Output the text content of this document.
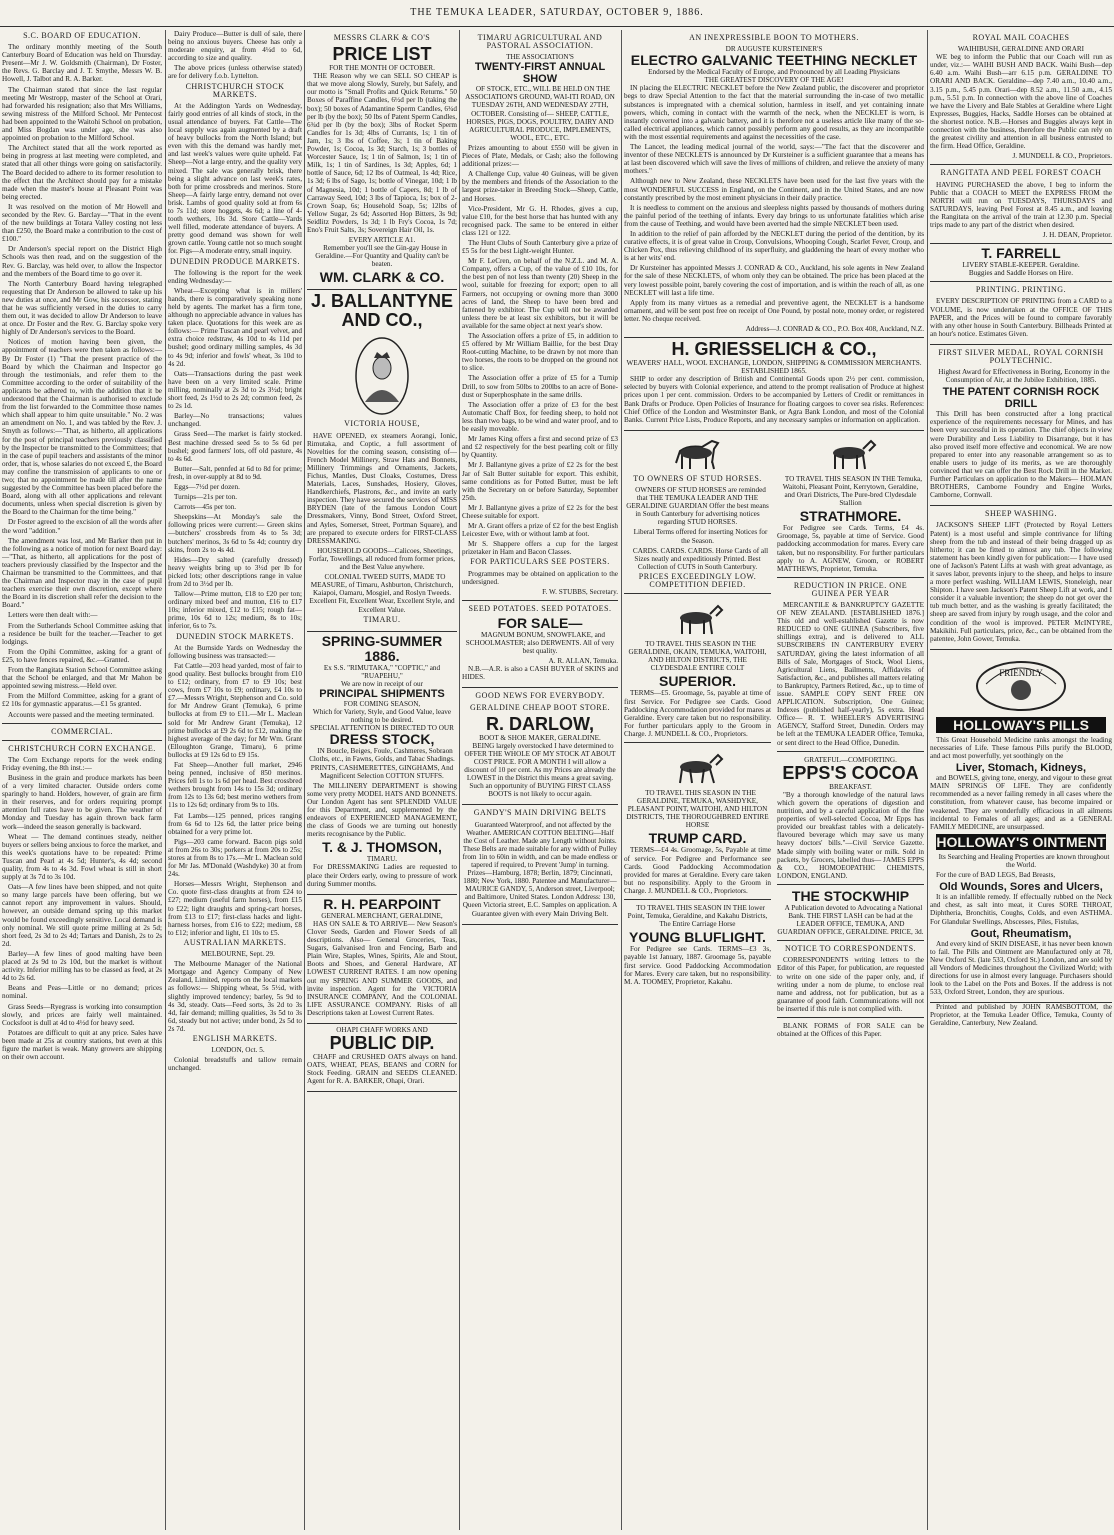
THE TEMUKA LEADER, SATURDAY, OCTOBER 9, 1886.
S.C. BOARD OF EDUCATION.

The ordinary monthly meeting of the South Canterbury Board of Education was held on Thursday. Present—Mr J. W. Goldsmith (Chairman), Dr Foster, the Revs. G. Barclay and J. T. Smythe, Messrs W. B. Howell, J. Talbot and R. A. Barker.

The Chairman stated that since the last regular meeting Mr Westropp, master of the School at Orari, had forwarded his resignation; also that Mrs Williams, sewing mistress of the Milford School. Mr Pentecost had been appointed to the Waitohi School on probation, and Miss Bogdan was under age, she was also appointed on probation to the Milford School.

The Architect stated that all the work reported as being in progress at last meeting were completed, and stated that all other things were going on satisfactorily. The Board decided to adhere to its former resolution to the effect that the Architect should pay for a mistake made when the master's house at Pleasant Point was being erected.

It was resolved on the motion of Mr Howell and seconded by the Rev. G. Barclay—"That in the event of the new buildings at Totara Valley costing not less than £250, the Board make a contribution to the cost of £100."

Dr Anderson's special report on the District High Schools was then read, and on the suggestion of the Rev. G. Barclay, was held over, to allow the Inspector and the members of the Board time to go over it.

The North Canterbury Board having telegraphed requesting that Dr Anderson be allowed to take up his new duties at once, and Mr Gow, his successor, stating that he was sufficiently versed in the duties to carry them out, it was decided to allow Dr Anderson to leave at once. Dr Foster and the Rev. G. Barclay spoke very highly of Dr Anderson's services to the Board.

Notices of motion having been given, the appointment of teachers were then taken as follows:—By Dr Foster (1) "That the present practice of the Board by which the Chairman and Inspector go through the testimonials, and refer them to the Committee according to the order of suitability of the applicants be adhered to, with the addition that it be understood that the Chairman is authorised to exclude from the list forwarded to the Committee those names which shall appear to him quite unsuitable." No. 2 was an amendment on No. 1, and was tabled by the Rev. J. Smyth as follows:—"That, as hitherto, all applications for the post of principal teachers previously classified by the Inspector be transmitted to the Committees; that in the case of pupil teachers and assistants of the minor order, that is, whose salaries do not exceed £, the Board may confine the transmission of applicants to one or two; that no appointment be made till after the name suggested by the Committee has been placed before the Board, along with all other applications and relevant documents, unless when special discretion is given by the Board to the Chairman for the time being."

Dr Foster agreed to the excision of all the words after the word "addition."

The amendment was lost, and Mr Barker then put in the following as a notice of motion for next Board day:—"That, as hitherto, all applications for the post of teachers previously classified by the Inspector and the Chairman be transmitted to the Committees, and that the Chairman and Inspector may in the case of pupil teachers exercise their own discretion, except where the Board in its discretion shall refer the decision to the Board."

Letters were then dealt with:—

From the Sutherlands School Committee asking that a residence be built for the teacher.—Teacher to get lodgings.

From the Opihi Committee, asking for a grant of £25, to have fences repaired, &c.—Granted.

From the Rangitata Station School Committee asking that the School be enlarged, and that Mr Mahon be appointed sewing mistress.—Held over.

From the Milford Committee, asking for a grant of £2 10s for gymnastic apparatus.—£1 5s granted.

Accounts were passed and the meeting terminated.

COMMERCIAL.
CHRISTCHURCH CORN EXCHANGE.

The Corn Exchange reports for the week ending Friday evening, the 8th inst.:—

Business in the grain and produce markets has been of a very limited character. Outside orders come sparingly to hand. Holders, however, of grain are firm in their reserves, and for orders requiring prompt attention full rates have to be given. The weather of Monday and Tuesday has again thrown back farm work—indeed the season generally is backward.

Wheat — The demand continues steady, neither buyers or sellers being anxious to force the market, and this week's quotations have to be repeated: Prime Tuscan and Pearl at 4s 5d; Hunter's, 4s 4d; second quality, from 4s to 4s 3d. Fowl wheat is still in short supply at 3s 7d to 3s 10d.

Oats—A few lines have been shipped, and not quite so many large parcels have been offering, but we cannot report any improvement in values. Should, however, an outside demand spring up this market would be found exceedingly sensitive. Local demand is only nominal. We still quote prime milling at 2s 5d; short feed, 2s 3d to 2s 4d; Tartars and Danish, 2s to 2s 2d.

Barley—A few lines of good malting have been placed at 2s 9d to 2s 10d, but the market is without activity. Inferior milling has to be classed as feed, at 2s 4d to 2s 6d.

Beans and Peas—Little or no demand; prices nominal.

Grass Seeds—Ryegrass is working into consumption slowly, and prices are fairly well maintained. Cocksfoot is dull at 4d to 4½d for heavy seed.

Potatoes are difficult to quit at any price. Sales have been made at 25s at country stations, but even at this figure the market is weak. Many growers are shipping on their own account.

Dairy Produce—Butter is dull of sale, there being no anxious buyers. Cheese has only a moderate enquiry, at from 4¼d to 6d, according to size and quality.

The above prices (unless otherwise stated) are for delivery f.o.b. Lyttelton.

CHRISTCHURCH STOCK MARKETS.

At the Addington Yards on Wednesday, fairly good entries of all kinds of stock, in the usual attendance of buyers. Fat Cattle—The local supply was again augmented by a draft of heavy bullocks from the North Island; but even with this the demand was hardly met, and last week's values were quite upheld. Fat Sheep—Not a large entry, and the quality very mixed. The sale was generally brisk, there being a slight advance on last week's rates, both for prime crossbreds and merinos. Store Sheep—A fairly large entry, demand not over brisk. Lambs of good quality sold at from 6s to 7s 11d; store hoggets, 4s 6d; a line of 4-tooth wethers, 10s 3d. Store Cattle—Yards well filled, moderate attendance of buyers. A pretty good demand was shown for well grown cattle. Young cattle not so much sought for. Pigs—A moderate entry, small inquiry.

DUNEDIN PRODUCE MARKETS.

The following is the report for the week ending Wednesday:—

Wheat—Excepting what is in millers' hands, there is comparatively speaking none held by agents. The market has a firm tone, although no appreciable advance in values has taken place. Quotations for this week are as follows:— Prime Tuscan and pearl velvet, and extra choice redstraw, 4s 10d to 4s 11d per bushel; good ordinary milling samples, 4s 3d to 4s 9d; inferior and fowls' wheat, 3s 10d to 4s 2d.

Oats—Transactions during the past week have been on a very limited scale. Prime milling, nominally at 2s 3d to 2s 3½d; bright short feed, 2s 1½d to 2s 2d; common feed, 2s to 2s 1d.

Barley—No transactions; values unchanged.

Grass Seed—The market is fairly stocked. Best machine dressed seed 5s to 5s 6d per bushel; good farmers' lots, off old pasture, 4s to 4s 6d.

Butter—Salt, pennfed at 6d to 8d for prime; fresh, in over-supply at 8d to 9d.

Eggs—7½d per dozen.

Turnips—21s per ton.

Carrots—45s per ton.

Sheepskins—At Monday's sale the following prices were current:— Green skins—butchers' crossbreds from 4s to 5s 3d; butchers' merinos, 3s 6d to 5s 4d; country dry skins, from 2s to 4s 4d.

Hides—Dry salted (carefully dressed) heavy weights bring up to 3½d per lb for picked lots; other descriptions range in value from 2d to 3½d per lb.

Tallow—Prime mutton, £18 to £20 per ton; ordinary mixed beef and mutton, £16 to £17 10s; inferior mixed, £12 to £15; rough fat—prime, 10s 6d to 12s; medium, 8s to 10s; inferior, 6s to 7s.

DUNEDIN STOCK MARKETS.

At the Burnside Yards on Wednesday the following business was transacted:—

Fat Cattle—203 head yarded, most of fair to good quality. Best bullocks brought from £10 to £12; ordinary, from £7 to £9 10s; best cows, from £7 10s to £9; ordinary, £4 10s to £7.—Messrs Wright, Stephenson and Co. sold for Mr Andrew Grant (Temuka), 6 prime bullocks at from £9 to £11.—Mr L. Maclean sold for Mr Andrew Grant (Temuka), 12 prime bullocks at £9 2s 6d to £12, making the highest average of the day; for Mr Wm. Grant (Elloughton Grange, Timaru), 6 prime bullocks at £9 12s 6d to £9 15s.

Fat Sheep—Another full market, 2946 being penned, inclusive of 850 merinos. Prices fell 1s to 1s 6d per head. Best crossbred wethers brought from 14s to 15s 3d; ordinary from 12s to 13s 6d; best merino wethers from 11s to 12s 6d; ordinary from 9s to 10s.

Fat Lambs—125 penned, prices ranging from 6s 6d to 12s 6d, the latter price being obtained for a very prime lot.

Pigs—203 came forward. Bacon pigs sold at from 26s to 30s; porkers at from 20s to 25s; stores at from 8s to 17s.—Mr L. Maclean sold for Mr Jas. M'Donald (Washdyke) 30 at from 24s.

Horses—Messrs Wright, Stephenson and Co. quote first-class draughts at from £24 to £27; medium (useful farm horses), from £15 to £22; light draughts and spring-cart horses, from £13 to £17; first-class hacks and light-harness horses, from £16 to £22; medium, £8 to £12; inferior and light, £1 10s to £5.

AUSTRALIAN MARKETS.

MELBOURNE, Sept. 29.

The Melbourne Manager of the National Mortgage and Agency Company of New Zealand, Limited, reports on the local markets as follows:— Shipping wheat, 5s 5½d, with slightly improved tendency; barley, 5s 9d to 4s 3d, steady. Oats—Feed sorts, 3s 2d to 3s 4d, fair demand; milling qualities, 3s 5d to 3s 6d, steady but not active; under bond, 2s 5d to 2s 7d.

ENGLISH MARKETS.

LONDON, Oct. 5.

Colonial breadstuffs and tallow remain unchanged.

MESSRS CLARK & CO'S
PRICE LIST
FOR THE MONTH OF OCTOBER.

THE Reason why we can SELL SO CHEAP is that we move along Slowly, Surely, but Safely, and our motto is "Small Profits and Quick Returns." 50 Boxes of Paraffine Candles, 6½d per lb (taking the box); 50 boxes of Adamantine Sperm Candles, 6¾d per lb (by the box); 50 lbs of Patent Sperm Candles, 6¾d per lb (by the box); 3lbs of Rocket Sperm Candles for 1s 3d; 4lbs of Currants, 1s; 1 tin of Jam, 1s; 3 lbs of Coffee, 3s; 1 tin of Baking Powder, 1s; Cocoa, 1s 3d; Starch, 1s; 3 bottles of Worcester Sauce, 1s; 1 tin of Salmon, 1s; 1 tin of Milk, 1s; 1 tin of Sardines, 1s 3d; Apples, 6d; 1 bottle of Sauce, 6d; 12 lbs of Oatmeal, 1s 4d; Rice, 1s 3d; 6 lbs of Sago, 1s; bottle of Vinegar, 10d; 1 lb of Magnesia, 10d; 1 bottle of Capers, 8d; 1 lb of Carraway Seed, 10d; 3 lbs of Tapioca, 1s; box of 2-Crown Soap, 6s; Household Soap, 5s; 12lbs of Yellow Sugar, 2s 6d; Assorted Hop Bitters, 3s 9d; Seidlitz Powders, 1s 3d; 1 lb Fry's Cocoa, 1s 7d; Eno's Fruit Salts, 3s; Sovereign Hair Oil, 1s.

EVERY ARTICLE A1.

Remember you'll see the Gin-gay House in Geraldine.—For Quantity and Quality can't be beaten.

WM. CLARK & CO.
J. BALLANTYNE AND CO.,
VICTORIA HOUSE,

HAVE OPENED, ex steamers Aorangi, Ionic, Rimutaka, and Coptic, a full assortment of Novelties for the coming season, consisting of—French Model Millinery, Straw Hats and Bonnets, Millinery Trimmings and Ornaments, Jackets, Fichus, Mantles, Dust Cloaks, Costumes, Dress Materials, Laces, Sunshades, Hosiery, Gloves, Handkerchiefs, Plastrons, &c., and invite an early inspection. They have secured the services of MISS BRYDEN (late of the famous London Court Dressmakers, Vinny, Bond Street, Oxford Street, and Ayles, Somerset, Street, Portman Square), and are prepared to execute orders for FIRST-CLASS DRESSMAKING.

HOUSEHOLD GOODS—Calicoes, Sheetings, Forfar, Towellings, all reduced from former prices, and the Best Value anywhere.

COLONIAL TWEED SUITS, MADE TO MEASURE, of Timaru, Ashburton, Christchurch, Kaiapoi, Oamaru, Mosgiel, and Roslyn Tweeds. Excellent Fit, Excellent Wear, Excellent Style, and Excellent Value.

TIMARU.
SPRING-SUMMER 1886.
Ex S.S. "RIMUTAKA," "COPTIC," and "RUAPEHU,"
We are now in receipt of our
PRINCIPAL SHIPMENTS
FOR COMING SEASON,
Which for Variety, Style, and Good Value, leave nothing to be desired.
SPECIAL ATTENTION IS DIRECTED TO OUR
DRESS STOCK,

IN Boucle, Beiges, Foule, Cashmeres, Sobraon Cloths, etc., in Fawns, Golds, and Tabac Shadings. PRINTS, CASHMERETTES, GINGHAMS, And Magnificent Selection COTTON STUFFS.

The MILLINERY DEPARTMENT is showing some very pretty MODEL HATS AND BONNETS. Our London Agent has sent SPLENDID VALUE for this Department, and, supplemented by the endeavors of EXPERIENCED MANAGEMENT, the class of Goods we are turning out honestly merits recognisance by the Public.

T. & J. THOMSON,
TIMARU.

For DRESSMAKING Ladies are requested to place their Orders early, owing to pressure of work during Summer months.

R. H. PEARPOINT
GENERAL MERCHANT, GERALDINE,

HAS ON SALE & TO ARRIVE— New Season's Clover Seeds, Garden and Flower Seeds of all descriptions. Also— General Groceries, Teas, Sugars, Galvanised Iron and Fencing, Barb and Plain Wire, Staples, Wines, Spirits, Ale and Stout, Boots and Shoes, and General Hardware, AT LOWEST CURRENT RATES. I am now opening out my SPRING AND SUMMER GOODS, and invite inspection. Agent for the VICTORIA INSURANCE COMPANY, And the COLONIAL LIFE ASSURANCE COMPANY. Risks of all Descriptions taken at Lowest Current Rates.

OHAPI CHAFF WORKS AND
PUBLIC DIP.

CHAFF and CRUSHED OATS always on hand. OATS, WHEAT, PEAS, BEANS and CORN for Stock Feeding. GRAIN and SEEDS CLEANED. Agent for R. A. BARKER, Ohapi, Orari.

TIMARU AGRICULTURAL AND PASTORAL ASSOCIATION.
THE ASSOCIATION'S
TWENTY-FIRST ANNUAL SHOW

OF STOCK, ETC., WILL BE HELD ON THE ASSOCIATION'S GROUND, WAI-ITI ROAD, ON TUESDAY 26TH, AND WEDNESDAY 27TH, OCTOBER. Consisting of— SHEEP, CATTLE, HORSES, PIGS, DOGS, POULTRY, DAIRY AND AGRICULTURAL PRODUCE, IMPLEMENTS, WOOL, ETC., ETC.

Prizes amounting to about £550 will be given in Pieces of Plate, Medals, or Cash; also the following additional prizes:—

A Challenge Cup, value 40 Guineas, will be given by the members and friends of the Association to the largest prize-taker in Breeding Stock—Sheep, Cattle, and Horses.

Vice-President, Mr G. H. Rhodes, gives a cup, value £10, for the best horse that has hunted with any recognised pack. The same to be entered in either class 121 or 122.

The Hunt Clubs of South Canterbury give a prize of £5 5s for the best Light-weight Hunter.

Mr F. LeCren, on behalf of the N.Z.L. and M. A. Company, offers a Cup, of the value of £10 10s, for the best pen of not less than twenty (20) Sheep in the wool, suitable for freezing for export; open to all Farmers, not occupying or owning more than 3000 acres of land, the Sheep to have been bred and fattened by exhibitor. The Cup will not be awarded unless there be at least six exhibitors, but it will be available for the same object at next year's show.

The Association offers a prize of £5, in addition to £5 offered by Mr William Baillie, for the best Dray Root-cutting Machine, to be drawn by not more than two horses, the roots to be dropped on the ground not to slice.

The Association offer a prize of £5 for a Turnip Drill, to sow from 50lbs to 200lbs to an acre of Bone-dust or Superphosphate in the same drills.

The Association offer a prize of £3 for the best Automatic Chaff Box, for feeding sheep, to hold not less than two bags, to be wind and water proof, and to be easily moveable.

Mr James King offers a first and second prize of £3 and £2 respectively for the best pearling colt or filly by Quantity.

Mr J. Ballantyne gives a prize of £2 2s for the best Jar of Salt Butter suitable for export. This exhibit, same conditions as for Potted Butter, must be left with the Secretary on or before Saturday, September 25th.

Mr J. Ballantyne gives a prize of £2 2s for the best Cheese suitable for export.

Mr A. Grant offers a prize of £2 for the best English Leicester Ewe, with or without lamb at foot.

Mr S. Shappere offers a cup for the largest prizetaker in Ham and Bacon Classes.

FOR PARTICULARS SEE POSTERS.

Programmes may be obtained on application to the undersigned.

F. W. STUBBS, Secretary.
SEED POTATOES. SEED POTATOES.
FOR SALE—

MAGNUM BONUM, SNOWFLAKE, and SCHOOLMASTER; also DERWENTS. All of very best quality.

A. R. ALLAN, Temuka.

N.B.—A.R. is also a CASH BUYER of SKINS and HIDES.

GOOD NEWS FOR EVERYBODY.
GERALDINE CHEAP BOOT STORE.
R. DARLOW,
BOOT & SHOE MAKER, GERALDINE.

BEING largely overstocked I have determined to OFFER THE WHOLE OF MY STOCK AT ABOUT COST PRICE. FOR A MONTH I will allow a discount of 10 per cent. As my Prices are already the LOWEST in the District this means a great saving. Such an opportunity of BUYING FIRST CLASS BOOTS is not likely to occur again.

GANDY'S MAIN DRIVING BELTS

Guaranteed Waterproof, and not affected by the Weather. AMERICAN COTTON BELTING—Half the Cost of Leather. Made any Length without Joints. These Belts are made suitable for any width of Pulley from 1in to 60in in width, and can be made endless or tapered if required, to Prevent 'Jump' in turning. Prizes—Hamburg, 1878; Berlin, 1879; Cincinnati, 1880; New York, 1880. Patentee and Manufacturer— MAURICE GANDY, 5, Anderson street, Liverpool; and Baltimore, United States. London Address: 130, Queen Victoria street, E.C. Samples on application. A Guarantee given with every Main Driving Belt.

AN INEXPRESSIBLE BOON TO MOTHERS.
DR AUGUSTE KURSTEINER'S
ELECTRO GALVANIC TEETHING NECKLET
Endorsed by the Medical Faculty of Europe, and Pronounced by all Leading Physicians
THE GREATEST DISCOVERY OF THE AGE!

IN placing the ELECTRIC NECKLET before the New Zealand public, the discoverer and proprietor begs to draw Special Attention to the fact that the material surrounding the in-case of two metallic substances is impregnated with a chemical solution, harmless in itself, and yet containing innate powers, which, coming in contact with the warmth of the neck, when the NECKLET is worn, is instantly converted into a galvanic battery, and it is therefore not a useless article like many of the so-called electrical appliances, which cannot possibly perform any good results, as they are incompatible with the most essential requirements and against the necessities of the case.

The Lancet, the leading medical journal of the world, says:—"The fact that the discoverer and inventor of these NECKLETS is announced by Dr Kursteiner is a sufficient guarantee that a means has at last been discovered which will save the lives of millions of children, and relieve the anxiety of many mothers."

Although new to New Zealand, these NECKLETS have been used for the last five years with the most WONDERFUL SUCCESS in England, on the Continent, and in the United States, and are now constantly prescribed by the most eminent physicians in their daily practice.

It is needless to comment on the anxious and sleepless nights passed by thousands of mothers during the painful period of the teething of infants. Every day brings to us unfortunate fatalities which arise from the cause of Teething, and would have been averted had the simple NECKLET been used.

In addition to the relief of pain afforded by the NECKLET during the period of the dentition, by its curative effects, it is of great value in Croup, Convulsions, Whooping Cough, Scarlet Fever, Croup, and Chicken Pox, thus relieving childhood of its superfluity, and gladdening the heart of every mother who is at her wits' end.

Dr Kursteiner has appointed Messrs J. CONRAD & CO., Auckland, his sole agents in New Zealand for the sale of these NECKLETS, of whom only they can be obtained. The price has been placed at the very lowest possible point, barely covering the cost of importation, and is within the reach of all, as one NECKLET will last a life time.

Apply from its many virtues as a remedial and preventive agent, the NECKLET is a handsome ornament, and will be sent post free on receipt of One Pound, by postal note, money order, or registered letter. No cheque received.

Address—J. CONRAD & CO., P.O. Box 408, Auckland, N.Z.
H. GRIESSELICH & CO.,
WEAVERS' HALL, WOOL EXCHANGE, LONDON, SHIPPING & COMMISSION MERCHANTS. ESTABLISHED 1865.

SHIP to order any description of British and Continental Goods upon 2½ per cent. commission, selected by buyers with Colonial experience, and attend to the prompt realisation of Produce at highest prices upon 1 per cent. commission. Orders to be accompanied by Letters of Credit or remittances in Bank Drafts or Produce. Open Policies of Insurance for floating cargoes to cover sea risks. References: Chief Office of the London and Westminster Bank, or Agra Bank London, and most of the Colonial Banks. Current Price Lists, Produce Reports, and any necessary samples or information on application.

TO OWNERS OF STUD HORSES.

OWNERS OF STUD HORSES are reminded that THE TEMUKA LEADER AND THE GERALDINE GUARDIAN Offer the best means in South Canterbury for advertising notices regarding STUD HORSES.

Liberal Terms offered for inserting Notices for the Season.

CARDS. CARDS. CARDS. Horse Cards of all Sizes neatly and expeditiously Printed. Best Collection of CUTS in South Canterbury.

PRICES EXCEEDINGLY LOW. COMPETITION DEFIED.

TO TRAVEL THIS SEASON IN THE GERALDINE, OKAIN, TEMUKA, WAITOHI, AND HILTON DISTRICTS, THE CLYDESDALE ENTIRE COLT

SUPERIOR.

TERMS—£5. Groomage, 5s, payable at time of first Service. For Pedigree see Cards. Good Paddocking Accommodation provided for mares at Geraldine. Every care taken but no responsibility. For further particulars apply to the Groom in Charge. J. MUNDELL & CO., Proprietors.

TO TRAVEL THIS SEASON IN THE GERALDINE, TEMUKA, WASHDYKE, PLEASANT POINT, WAITOHI, AND HILTON DISTRICTS, THE THOROUGHBRED ENTIRE HORSE

TRUMP CARD.

TERMS—£4 4s. Groomage, 5s, Payable at time of service. For Pedigree and Performance see Cards. Good Paddocking Accommodation provided for mares at Geraldine. Every care taken but no responsibility. Apply to the Groom in Charge. J. MUNDELL & CO., Proprietors.

TO TRAVEL THIS SEASON IN THE lower Point, Temuka, Geraldine, and Kakahu Districts, The Entire Carriage Horse

YOUNG BLUFLIGHT.

For Pedigree see Cards. TERMS—£3 3s, payable 1st January, 1887. Groomage 5s, payable first service. Good Paddocking Accommodation for Mares. Every care taken, but no responsibility. M. A. TOOMEY, Proprietor, Kakahu.

TO TRAVEL THIS SEASON IN THE Temuka, Waitohi, Pleasant Point, Kerrytown, Geraldine, and Orari Districts, The Pure-bred Clydesdale Stallion

STRATHMORE.

For Pedigree see Cards. Terms, £4 4s. Groomage, 5s, payable at time of Service. Good paddocking accommodation for mares. Every care taken, but no responsibility. For further particulars apply to A. AGNEW, Groom, or ROBERT MATTHEWS, Proprietor, Temuka.

REDUCTION IN PRICE. ONE GUINEA PER YEAR

MERCANTILE & BANKRUPTCY GAZETTE OF NEW ZEALAND. [ESTABLISHED 1876.] This old and well-established Gazette is now REDUCED to ONE GUINEA (Subscribers, five shillings extra), and is delivered to ALL SUBSCRIBERS IN CANTERBURY EVERY SATURDAY, giving the latest information of all Bills of Sale, Mortgages of Stock, Wool Liens, Agricultural Liens, Bailments, Affidavits of Satisfaction, &c., and publishes all matters relating to Bankruptcy, Partners Retired, &c., up to time of issue. SAMPLE COPY SENT FREE ON APPLICATION. Subscription, One Guinea; Indexes (published half-yearly), 5s extra. Head Office— R. T. WHEELER'S ADVERTISING AGENCY, Stafford Street, Dunedin. Orders may be left at the TEMUKA LEADER Office, Temuka, or sent direct to the Head Office, Dunedin.

GRATEFUL—COMFORTING.
EPPS'S COCOA
BREAKFAST.

"By a thorough knowledge of the natural laws which govern the operations of digestion and nutrition, and by a careful application of the fine properties of well-selected Cocoa, Mr Epps has provided our breakfast tables with a delicately-flavoured beverage which may save us many heavy doctors' bills."—Civil Service Gazette. Made simply with boiling water or milk. Sold in packets, by Grocers, labelled thus— JAMES EPPS & CO., HOMOEOPATHIC CHEMISTS, LONDON, ENGLAND.

THE STOCKWHIP

A Publication devoted to Advocating a National Bank. THE FIRST LASH can be had at the LEADER OFFICE, TEMUKA, AND GUARDIAN OFFICE, GERALDINE. PRICE, 3d.

NOTICE TO CORRESPONDENTS.

CORRESPONDENTS writing letters to the Editor of this Paper, for publication, are requested to write on one side of the paper only, and, if writing under a nom de plume, to enclose real name and address, not for publication, but as a guarantee of good faith. Communications will not be inserted if this rule is not complied with.

BLANK FORMS of FOR SALE can be obtained at the Offices of this Paper.

ROYAL MAIL COACHES
WAIHIBUSH, GERALDINE AND ORARI

WE beg to inform the Public that our Coach will run as under, viz.:— WAIHI BUSH AND BACK. Waihi Bush—dep 6.40 a.m. Waihi Bush—arr 6.15 p.m. GERALDINE TO ORARI AND BACK. Geraldine—dep 7.40 a.m., 10.40 a.m., 3.15 p.m., 5.45 p.m. Orari—dep 8.52 a.m., 11.50 a.m., 4.15 p.m., 5.51 p.m. In connection with the above line of Coaches we have the Livery and Bale Stables at Geraldine where Light Expresses, Buggies, Hacks, Saddle Horses can be obtained at the shortest notice. N.B.—Horses and Buggies always kept in connection with the business, therefore the Public can rely on the greatest civility and attention in all business entrusted to the firm. Head Office, Geraldine.

J. MUNDELL & CO., Proprietors.
RANGITATA AND PEEL FOREST COACH

HAVING PURCHASED the above, I beg to inform the Public that a COACH to MEET the EXPRESS FROM the NORTH will run on TUESDAYS, THURSDAYS and SATURDAYS, leaving Peel Forest at 8.45 a.m., and leaving the Rangitata on the arrival of the train at 12.30 p.m. Special trips made to any part of the district when desired.

J. H. DEAN, Proprietor.
T. FARRELL
LIVERY STABLE-KEEPER. Geraldine.
Buggies and Saddle Horses on Hire.
PRINTING. PRINTING.

EVERY DESCRIPTION OF PRINTING from a CARD to a VOLUME, is now undertaken at the OFFICE OF THIS PAPER, and the Prices will be found to compare favorably with any other house in South Canterbury. Billheads Printed at an hour's notice. Estimates Given.

FIRST SILVER MEDAL, ROYAL CORNISH POLYTECHNIC.

Highest Award for Effectiveness in Boring, Economy in the Consumption of Air, at the Jubilee Exhibition, 1885.

THE PATENT CORNISH ROCK DRILL

This Drill has been constructed after a long practical experience of the requirements necessary for Mines, and has been very successful in its operation. The chief objects in view were Durability and Less Liability to Disarrange, but it has also proved itself more effective and economical. We are now prepared to enter into any reasonable arrangement so as to enable users to judge of its merits, as we are thoroughly convinced that we can offer the Best Rock Drill in the Market. Further Particulars on application to the Makers— HOLMAN BROTHERS, Camborne Foundry and Engine Works, Camborne, Cornwall.

SHEEP WASHING.

JACKSON'S SHEEP LIFT (Protected by Royal Letters Patent) is a most useful and simple contrivance for lifting sheep from the tub and instead of their being dragged up as hitherto; it can be fitted to almost any tub. The following statement has been kindly given for publication:— I have used one of Jackson's Patent Lifts at wash with great advantage, as it saves labor, prevents injury to the sheep, and helps to insure a more perfect washing. WILLIAM LEWIS, Stoneleigh, near Shipton. I have seen Jackson's Patent Sheep Lift at work, and I consider it a valuable invention; the sheep do not get over the tub much better, and as the washing is greatly facilitated; the sheep are saved from injury by rough usage, and the color and condition of the wool is improved. PETER McINTYRE, Makikihi. Full particulars, price, &c., can be obtained from the patentee, John Gower, Temuka.

FRIENDLY
HOLLOWAY'S PILLS

This Great Household Medicine ranks amongst the leading necessaries of Life. These famous Pills purify the BLOOD, and act most powerfully, yet soothingly on the

Liver, Stomach, Kidneys,

and BOWELS, giving tone, energy, and vigour to these great MAIN SPRINGS OF LIFE. They are confidently recommended as a never failing remedy in all cases where the constitution, from whatever cause, has become impaired or weakened. They are wonderfully efficacious in all ailments incidental to Females of all ages; and as a GENERAL FAMILY MEDICINE, are unsurpassed.

HOLLOWAY'S OINTMENT

Its Searching and Healing Properties are known throughout the World.

For the cure of BAD LEGS, Bad Breasts,

Old Wounds, Sores and Ulcers,

It is an infallible remedy. If effectually rubbed on the Neck and chest, as salt into meat, it Cures SORE THROAT, Diphtheria, Bronchitis, Coughs, Colds, and even ASTHMA. For Glandular Swellings, Abscesses, Piles, Fistulas,

Gout, Rheumatism,

And every kind of SKIN DISEASE, it has never been known to fail. The Pills and Ointment are Manufactured only at 78, New Oxford St. (late 533, Oxford St.) London, and are sold by all Vendors of Medicines throughout the Civilized World; with directions for use in almost every language. Purchasers should look to the Label on the Pots and Boxes. If the address is not 533, Oxford Street, London, they are spurious.

Printed and published by JOHN RAMSBOTTOM, the Proprietor, at the Temuka Leader Office, Temuka, County of Geraldine, Canterbury, New Zealand.
